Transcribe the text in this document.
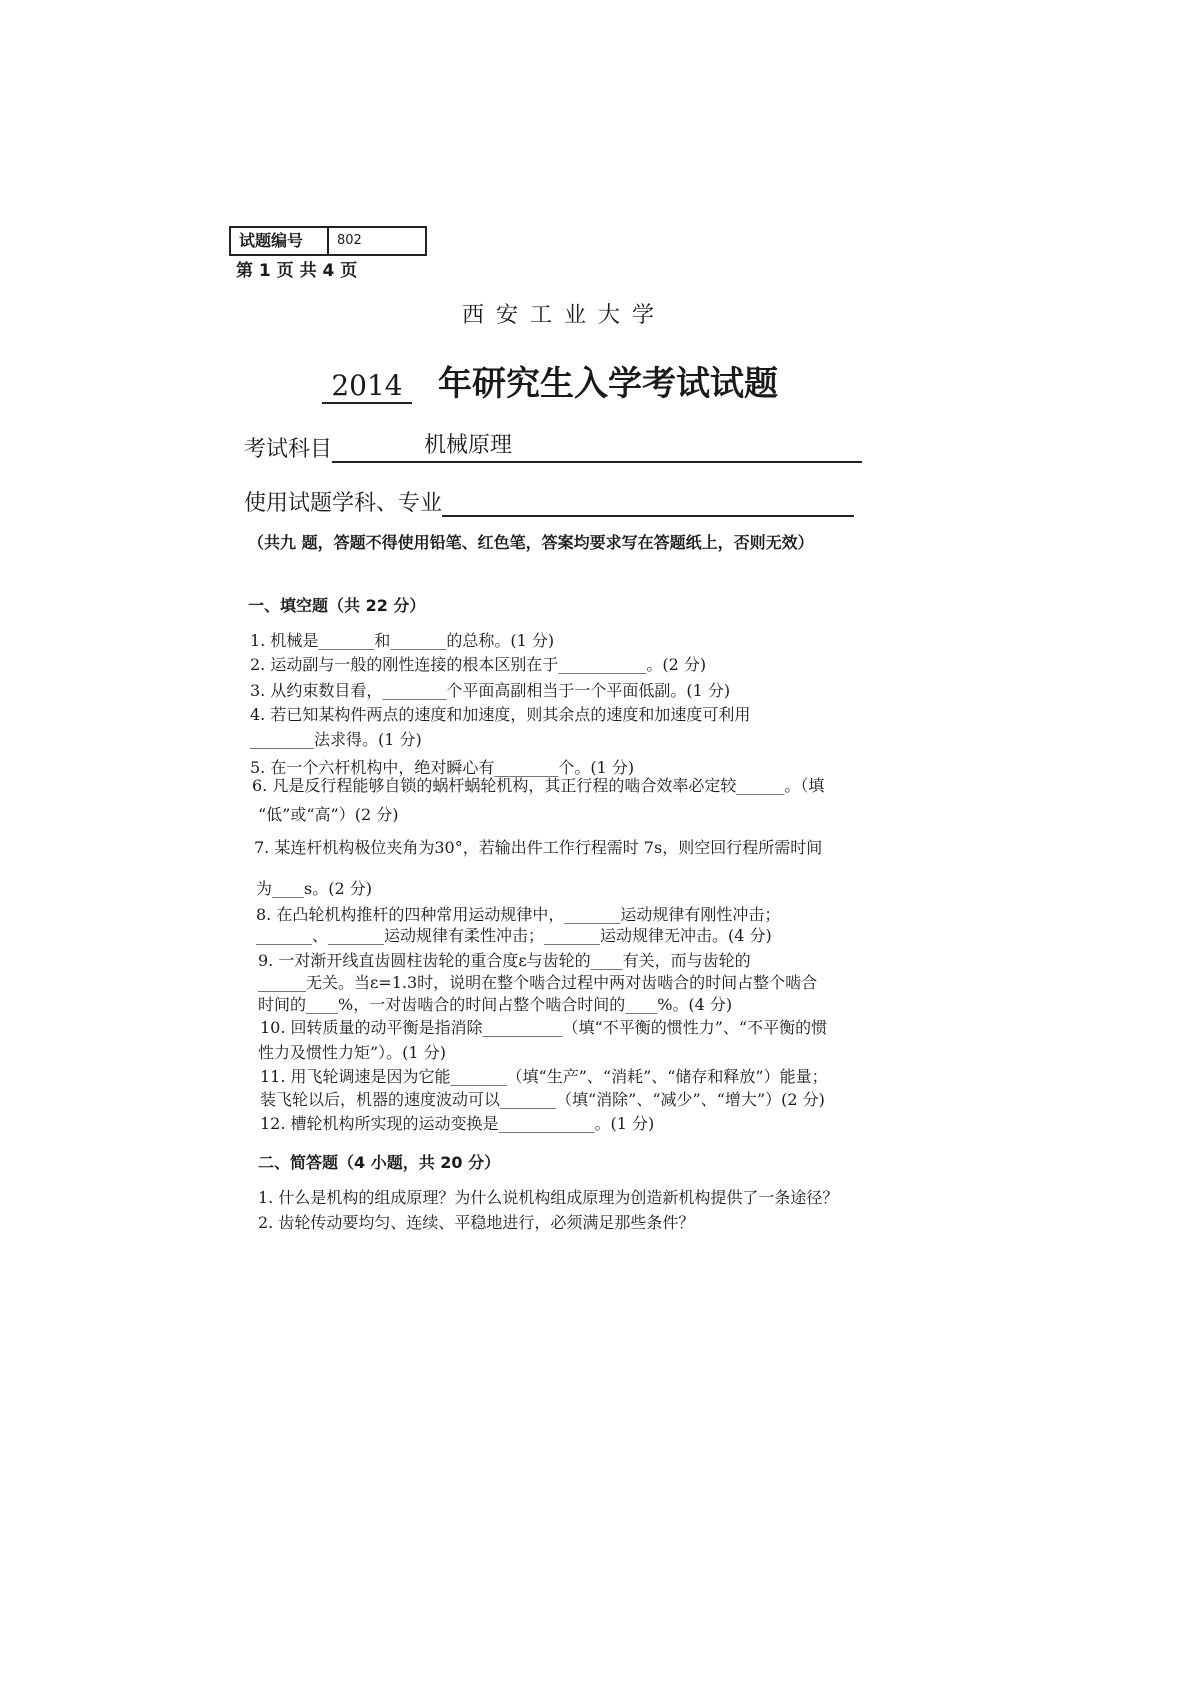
试题编号	802
第 1 页 共 4 页
西安工业大学
2014 年研究生入学考试试题
考试科目	机械原理
使用试题学科、专业
（共九 题，答题不得使用铅笔、红色笔，答案均要求写在答题纸上，否则无效）
一、填空题（共 22 分）
1. 机械是_______和_______的总称。(1 分)
2. 运动副与一般的刚性连接的根本区别在于___________。(2 分)
3. 从约束数目看，________个平面高副相当于一个平面低副。(1 分)
4. 若已知某构件两点的速度和加速度，则其余点的速度和加速度可利用
________法求得。(1 分)
5. 在一个六杆机构中，绝对瞬心有________个。(1 分)
6. 凡是反行程能够自锁的蜗杆蜗轮机构，其正行程的啮合效率必定较______。（填
“低”或“高”）(2 分)
7. 某连杆机构极位夹角为30°，若输出件工作行程需时 7s，则空回行程所需时间
为____s。(2 分)
8. 在凸轮机构推杆的四种常用运动规律中，_______运动规律有刚性冲击；
_______、_______运动规律有柔性冲击；_______运动规律无冲击。(4 分)
9. 一对渐开线直齿圆柱齿轮的重合度ε与齿轮的____有关，而与齿轮的
______无关。当ε=1.3时，说明在整个啮合过程中两对齿啮合的时间占整个啮合
时间的____%，一对齿啮合的时间占整个啮合时间的____%。(4 分)
10. 回转质量的动平衡是指消除__________（填“不平衡的惯性力”、“不平衡的惯
性力及惯性力矩”）。(1 分)
11. 用飞轮调速是因为它能_______（填“生产”、“消耗”、“储存和释放”）能量；
装飞轮以后，机器的速度波动可以_______（填“消除”、“减少”、“增大”）(2 分)
12. 槽轮机构所实现的运动变换是____________。(1 分)
二、简答题（4 小题，共 20 分）
1. 什么是机构的组成原理？为什么说机构组成原理为创造新机构提供了一条途径？
2. 齿轮传动要均匀、连续、平稳地进行，必须满足那些条件？
